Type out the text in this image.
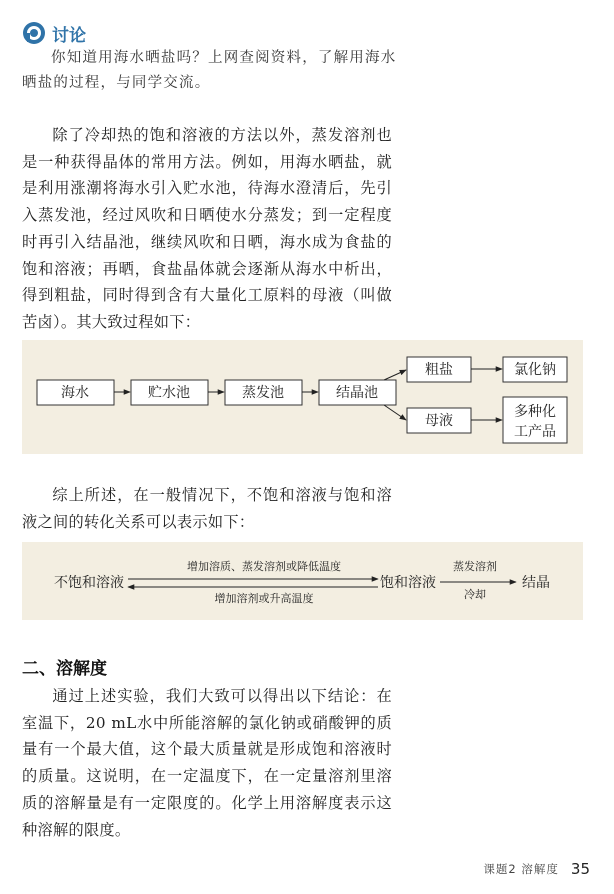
讨论

你知道用海水晒盐吗？上网查阅资料，了解用海水晒盐的过程，与同学交流。

除了冷却热的饱和溶液的方法以外，蒸发溶剂也是一种获得晶体的常用方法。例如，用海水晒盐，就是利用涨潮将海水引入贮水池，待海水澄清后，先引入蒸发池，经过风吹和日晒使水分蒸发；到一定程度时再引入结晶池，继续风吹和日晒，海水成为食盐的饱和溶液；再晒，食盐晶体就会逐渐从海水中析出，得到粗盐，同时得到含有大量化工原料的母液（叫做苦卤）。其大致过程如下：

海水	贮水池	蒸发池	结晶池
粗盐	氯化钠
母液
多种化
工产品

综上所述，在一般情况下，不饱和溶液与饱和溶液之间的转化关系可以表示如下：

不饱和溶液	饱和溶液	结晶
增加溶质、蒸发溶剂或降低温度
增加溶剂或升高温度
蒸发溶剂
冷却
二、溶解度

通过上述实验，我们大致可以得出以下结论：在室温下，20 mL水中所能溶解的氯化钠或硝酸钾的质量有一个最大值，这个最大质量就是形成饱和溶液时的质量。这说明，在一定温度下，在一定量溶剂里溶质的溶解量是有一定限度的。化学上用溶解度表示这种溶解的限度。

课题2 溶解度 35
